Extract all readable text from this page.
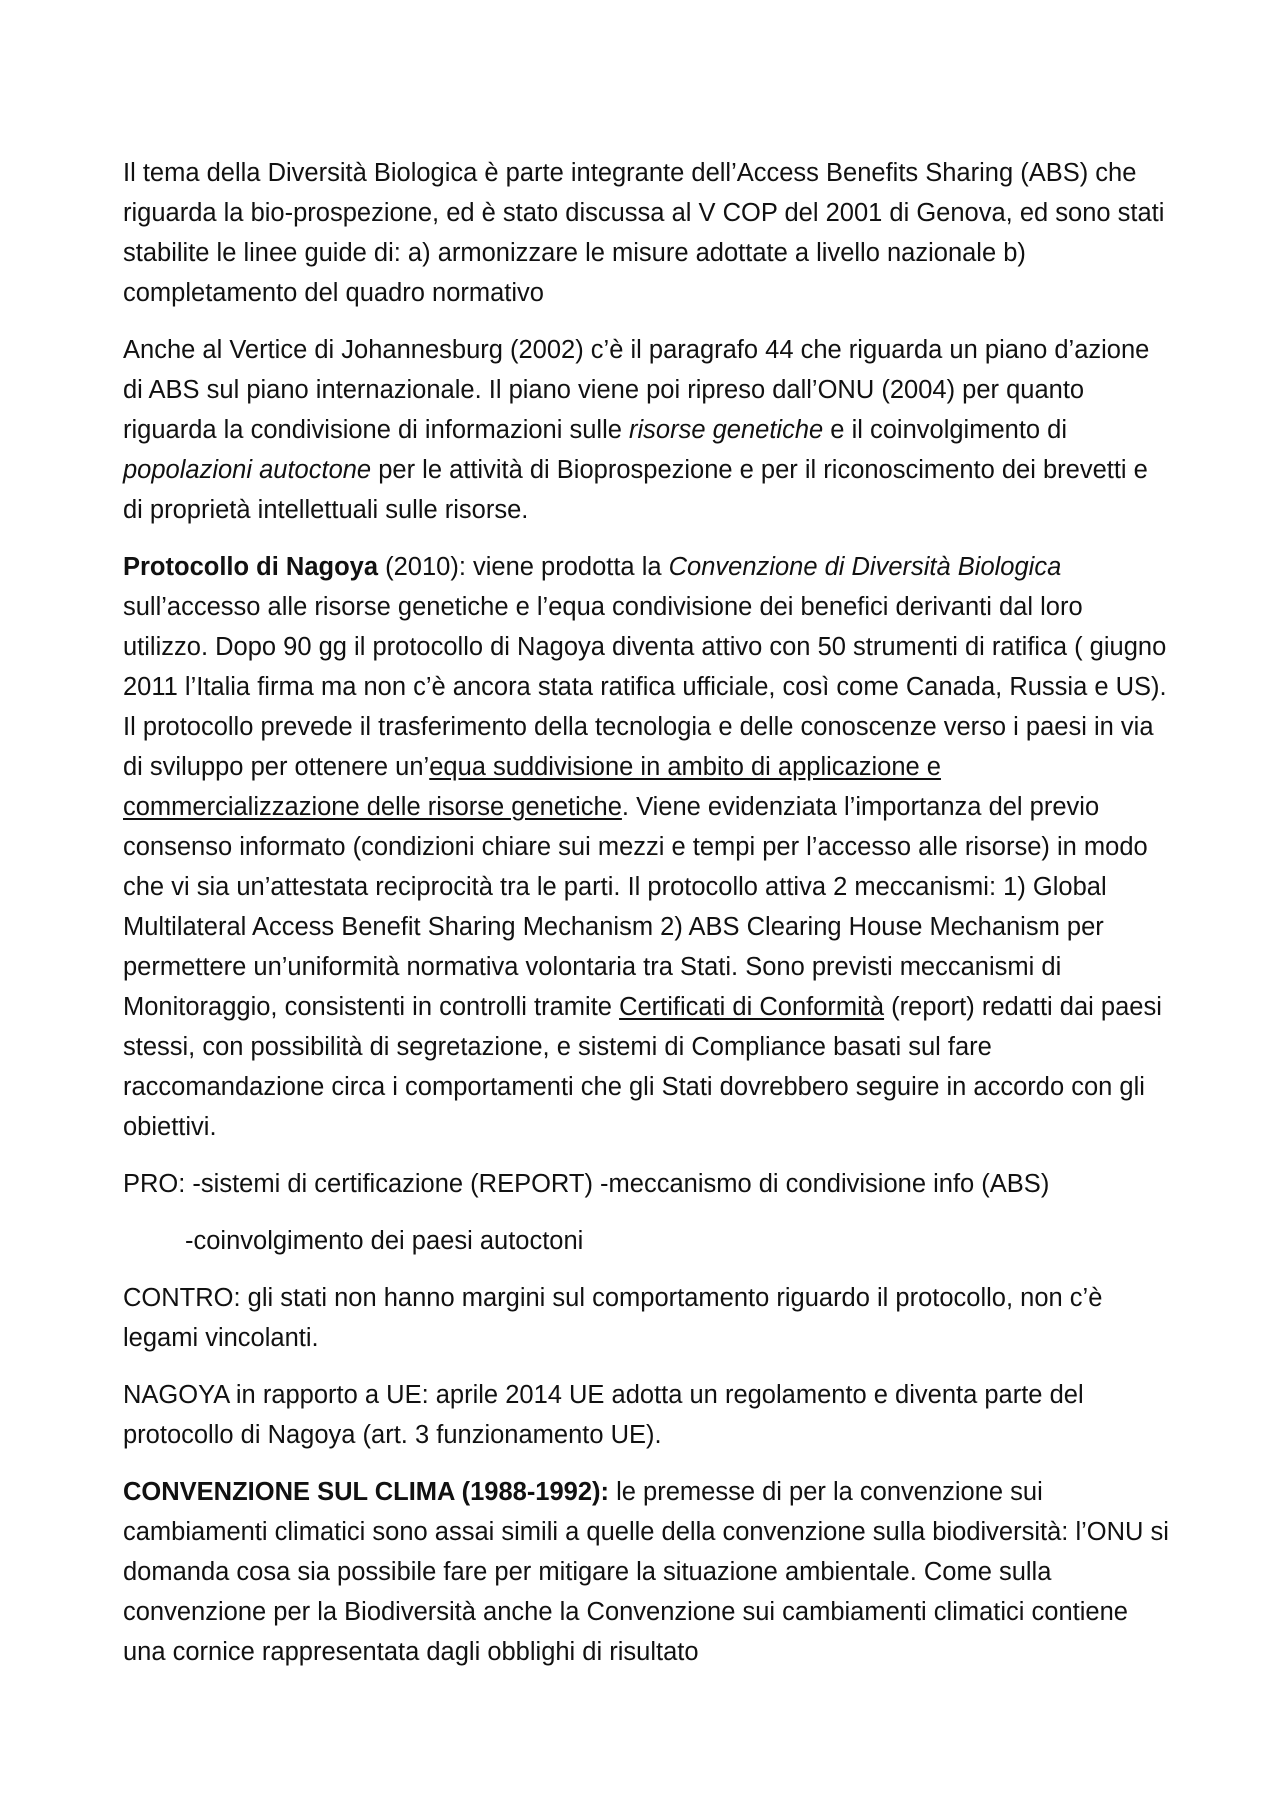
Il tema della Diversità Biologica è parte integrante dell’Access Benefits Sharing (ABS) che riguarda la bio-prospezione, ed è stato discussa al V COP del 2001 di Genova, ed sono stati stabilite le linee guide di: a) armonizzare le misure adottate a livello nazionale b) completamento del quadro normativo

Anche al Vertice di Johannesburg (2002) c’è il paragrafo 44 che riguarda un piano d’azione di ABS sul piano internazionale. Il piano viene poi ripreso dall’ONU (2004) per quanto riguarda la condivisione di informazioni sulle risorse genetiche e il coinvolgimento di popolazioni autoctone per le attività di Bioprospezione e per il riconoscimento dei brevetti e di proprietà intellettuali sulle risorse.

Protocollo di Nagoya (2010): viene prodotta la Convenzione di Diversità Biologica sull’accesso alle risorse genetiche e l’equa condivisione dei benefici derivanti dal loro utilizzo. Dopo 90 gg il protocollo di Nagoya diventa attivo con 50 strumenti di ratifica ( giugno 2011 l’Italia firma ma non c’è ancora stata ratifica ufficiale, così come Canada, Russia e US). Il protocollo prevede il trasferimento della tecnologia e delle conoscenze verso i paesi in via di sviluppo per ottenere un’equa suddivisione in ambito di applicazione e commercializzazione delle risorse genetiche. Viene evidenziata l’importanza del previo consenso informato (condizioni chiare sui mezzi e tempi per l’accesso alle risorse) in modo che vi sia un’attestata reciprocità tra le parti. Il protocollo attiva 2 meccanismi: 1) Global Multilateral Access Benefit Sharing Mechanism 2) ABS Clearing House Mechanism per permettere un’uniformità normativa volontaria tra Stati. Sono previsti meccanismi di Monitoraggio, consistenti in controlli tramite Certificati di Conformità (report) redatti dai paesi stessi, con possibilità di segretazione, e sistemi di Compliance basati sul fare raccomandazione circa i comportamenti che gli Stati dovrebbero seguire in accordo con gli obiettivi.

PRO: -sistemi di certificazione (REPORT) -meccanismo di condivisione info (ABS)

-coinvolgimento dei paesi autoctoni

CONTRO: gli stati non hanno margini sul comportamento riguardo il protocollo, non c’è legami vincolanti.

NAGOYA in rapporto a UE: aprile 2014 UE adotta un regolamento e diventa parte del protocollo di Nagoya (art. 3 funzionamento UE).

CONVENZIONE SUL CLIMA (1988-1992): le premesse di per la convenzione sui cambiamenti climatici sono assai simili a quelle della convenzione sulla biodiversità: l’ONU si domanda cosa sia possibile fare per mitigare la situazione ambientale. Come sulla convenzione per la Biodiversità anche la Convenzione sui cambiamenti climatici contiene una cornice rappresentata dagli obblighi di risultato
